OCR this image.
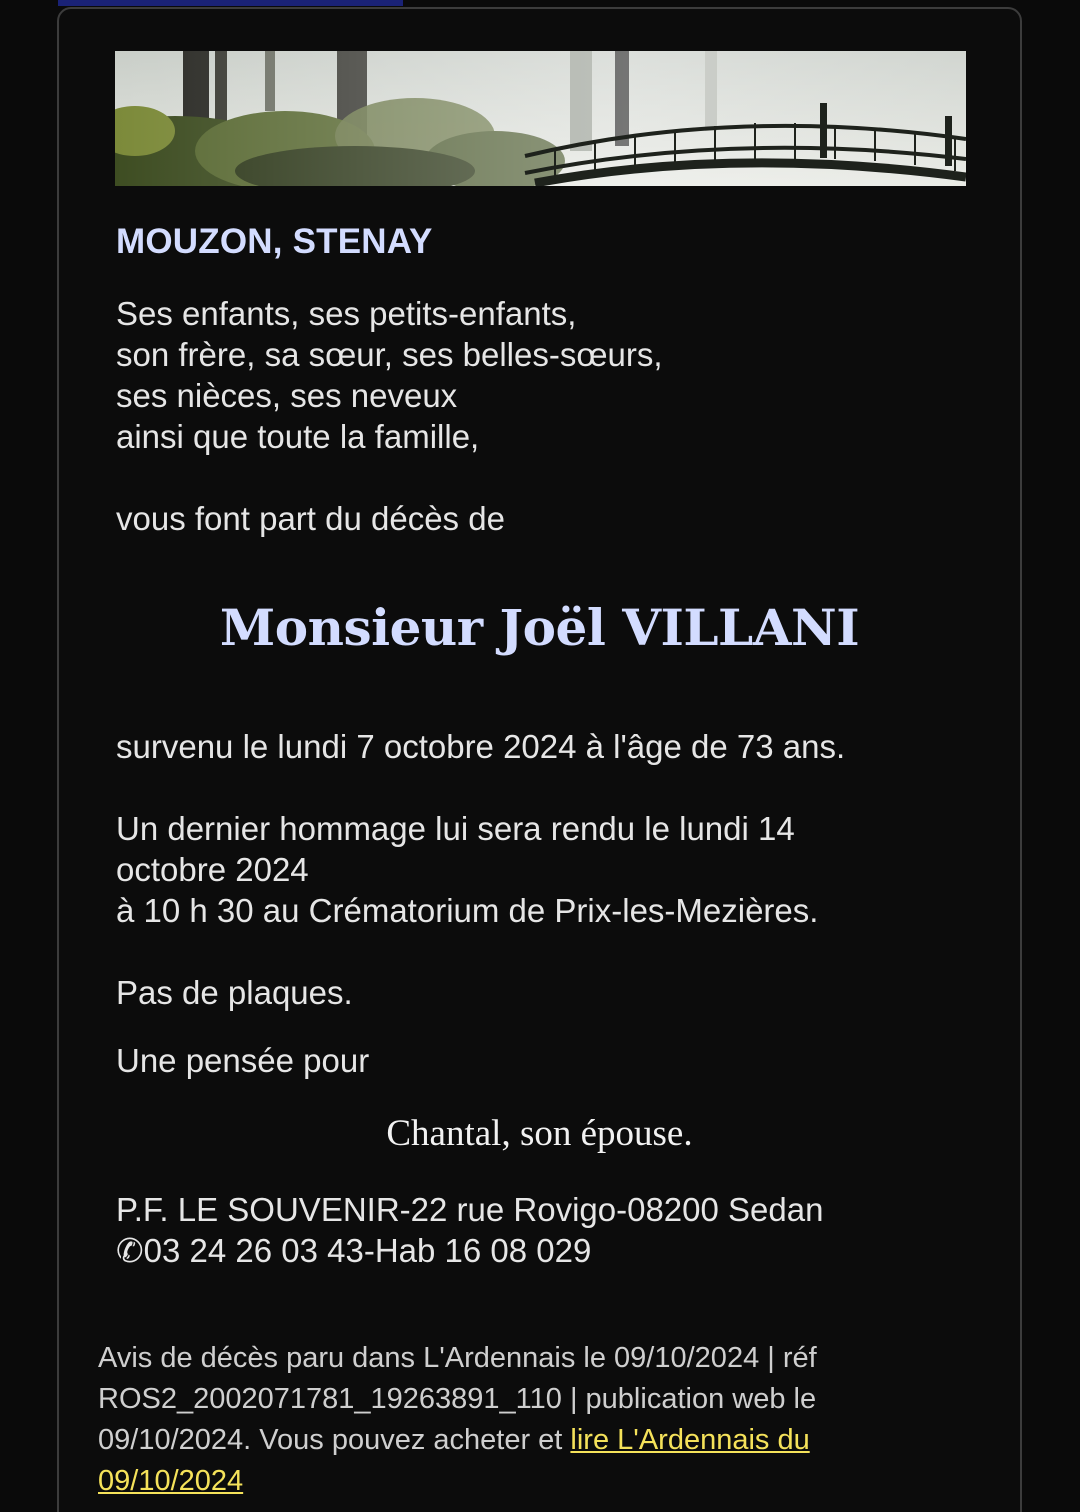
MOUZON, STENAY
Ses enfants, ses petits-enfants,
son frère, sa sœur, ses belles-sœurs,
ses nièces, ses neveux
ainsi que toute la famille,
vous font part du décès de
Monsieur Joël VILLANI
survenu le lundi 7 octobre 2024 à l'âge de 73 ans.
Un dernier hommage lui sera rendu le lundi 14
octobre 2024
à 10 h 30 au Crématorium de Prix-les-Mezières.
Pas de plaques.
Une pensée pour
Chantal, son épouse.
P.F. LE SOUVENIR-22 rue Rovigo-08200 Sedan
✆03 24 26 03 43-Hab 16 08 029
Avis de décès paru dans L'Ardennais le 09/10/2024 | réf ROS2_2002071781_19263891_110 | publication web le 09/10/2024. Vous pouvez acheter et lire L'Ardennais du 09/10/2024
